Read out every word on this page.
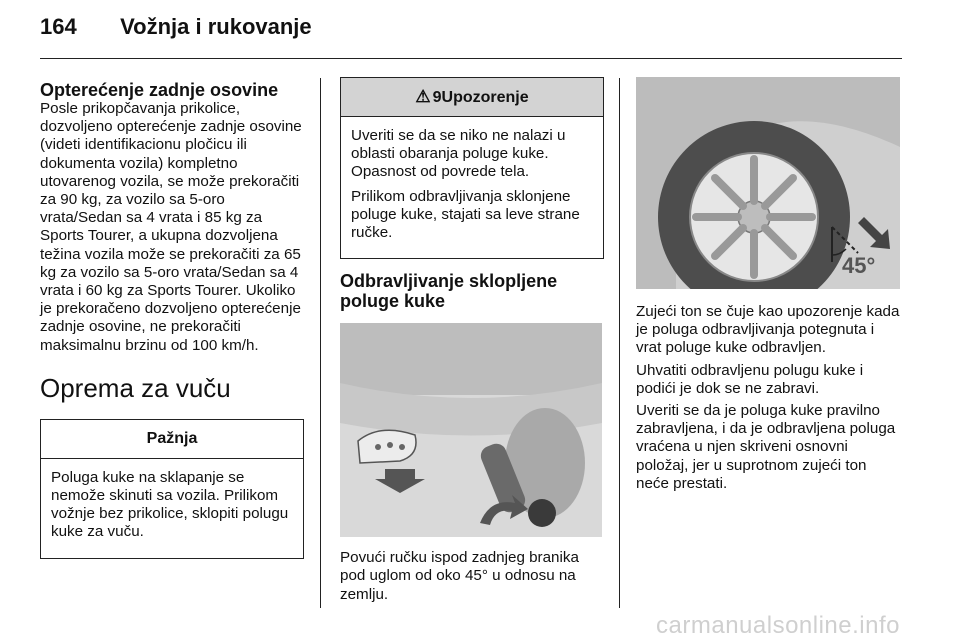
164 Vožnja i rukovanje
Opterećenje zadnje osovine

Posle prikopčavanja prikolice, dozvoljeno opterećenje zadnje osovine (videti identifikacionu pločicu ili dokumenta vozila) kompletno utovarenog vozila, se može prekoračiti za 90 kg, za vozilo sa 5-oro vrata/Sedan sa 4 vrata i 85 kg za Sports Tourer, a ukupna dozvoljena težina vozila može se prekoračiti za 65 kg za vozilo sa 5-oro vrata/Sedan sa 4 vrata i 60 kg za Sports Tourer. Ukoliko je prekoračeno dozvoljeno opterećenje zadnje osovine, ne prekoračiti maksimalnu brzinu od 100 km/h.

Oprema za vuču
Pažnja

Poluga kuke na sklapanje se nemože skinuti sa vozila. Prilikom vožnje bez prikolice, sklopiti polugu kuke za vuču.

⚠ 9Upozorenje

Uveriti se da se niko ne nalazi u oblasti obaranja poluge kuke. Opasnost od povrede tela.

Prilikom odbravljivanja sklonjene poluge kuke, stajati sa leve strane ručke.

Odbravljivanje sklopljene poluge kuke

Povući ručku ispod zadnjeg branika pod uglom od oko 45° u odnosu na zemlju.

45°

Zujeći ton se čuje kao upozorenje kada je poluga odbravljivanja potegnuta i vrat poluge kuke odbravljen.

Uhvatiti odbravljenu polugu kuke i podići je dok se ne zabravi.

Uveriti se da je poluga kuke pravilno zabravljena, i da je odbravljena poluga vraćena u njen skriveni osnovni položaj, jer u suprotnom zujeći ton neće prestati.

carmanualsonline.info
